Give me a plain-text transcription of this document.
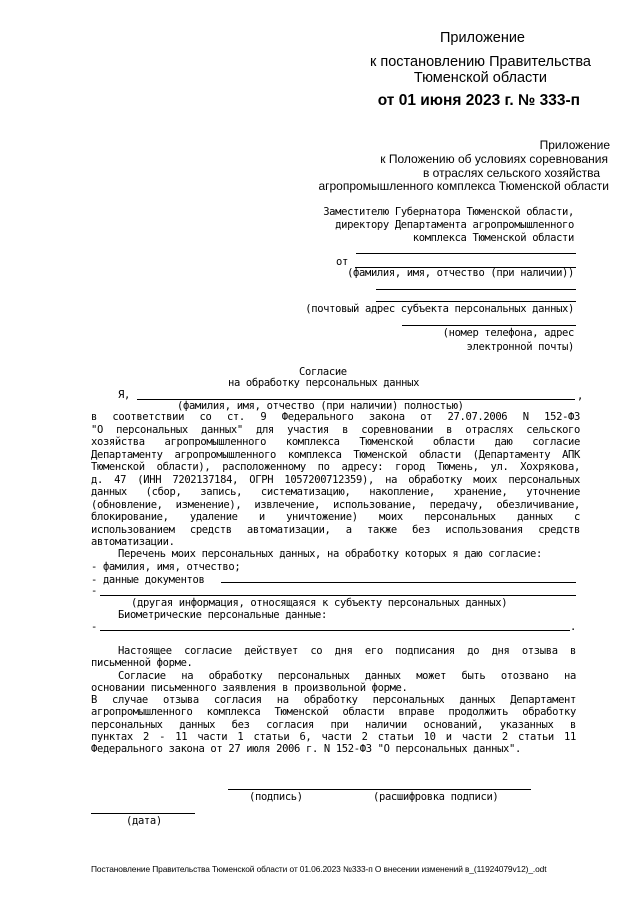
Приложение
к постановлению Правительства
Тюменской области
от 01 июня 2023 г. № 333-п
Приложение
к Положению об условиях соревнования
в отраслях сельского хозяйства
агропромышленного комплекса Тюменской области
Заместителю Губернатора Тюменской области,
директору Департамента агропромышленного
комплекса Тюменской области
от
(фамилия, имя, отчество (при наличии))
(почтовый адрес субъекта персональных данных)
(номер телефона, адрес
электронной почты)
Согласие
на обработку персональных данных
Я,	,
(фамилия, имя, отчество (при наличии) полностью)
в соответствии со ст. 9 Федерального закона от 27.07.2006 N 152-ФЗ
"О персональных данных" для участия в соревновании в отраслях сельского
хозяйства агропромышленного комплекса Тюменской области даю согласие
Департаменту агропромышленного комплекса Тюменской области (Департаменту АПК
Тюменской области), расположенному по адресу: город Тюмень, ул. Хохрякова,
д. 47 (ИНН 7202137184, ОГРН 1057200712359), на обработку моих персональных
данных (сбор, запись, систематизацию, накопление, хранение, уточнение
(обновление, изменение), извлечение, использование, передачу, обезличивание,
блокирование, удаление и уничтожение) моих персональных данных с
использованием средств автоматизации, а также без использования средств
автоматизации.
Перечень моих персональных данных, на обработку которых я даю согласие:
- фамилия, имя, отчество;
- данные документов
-
(другая информация, относящаяся к субъекту персональных данных)
Биометрические персональные данные:
-	.
Настоящее согласие действует со дня его подписания до дня отзыва в
письменной форме.
Согласие на обработку персональных данных может быть отозвано на
основании письменного заявления в произвольной форме.
В случае отзыва согласия на обработку персональных данных Департамент
агропромышленного комплекса Тюменской области вправе продолжить обработку
персональных данных без согласия при наличии оснований, указанных в
пунктах 2 - 11 части 1 статьи 6, части 2 статьи 10 и части 2 статьи 11
Федерального закона от 27 июля 2006 г. N 152-ФЗ "О персональных данных".
(подпись)	(расшифровка подписи)
(дата)
Постановление Правительства Тюменской области от 01.06.2023 №333-п О внесении изменений в_(11924079v12)_.odt
